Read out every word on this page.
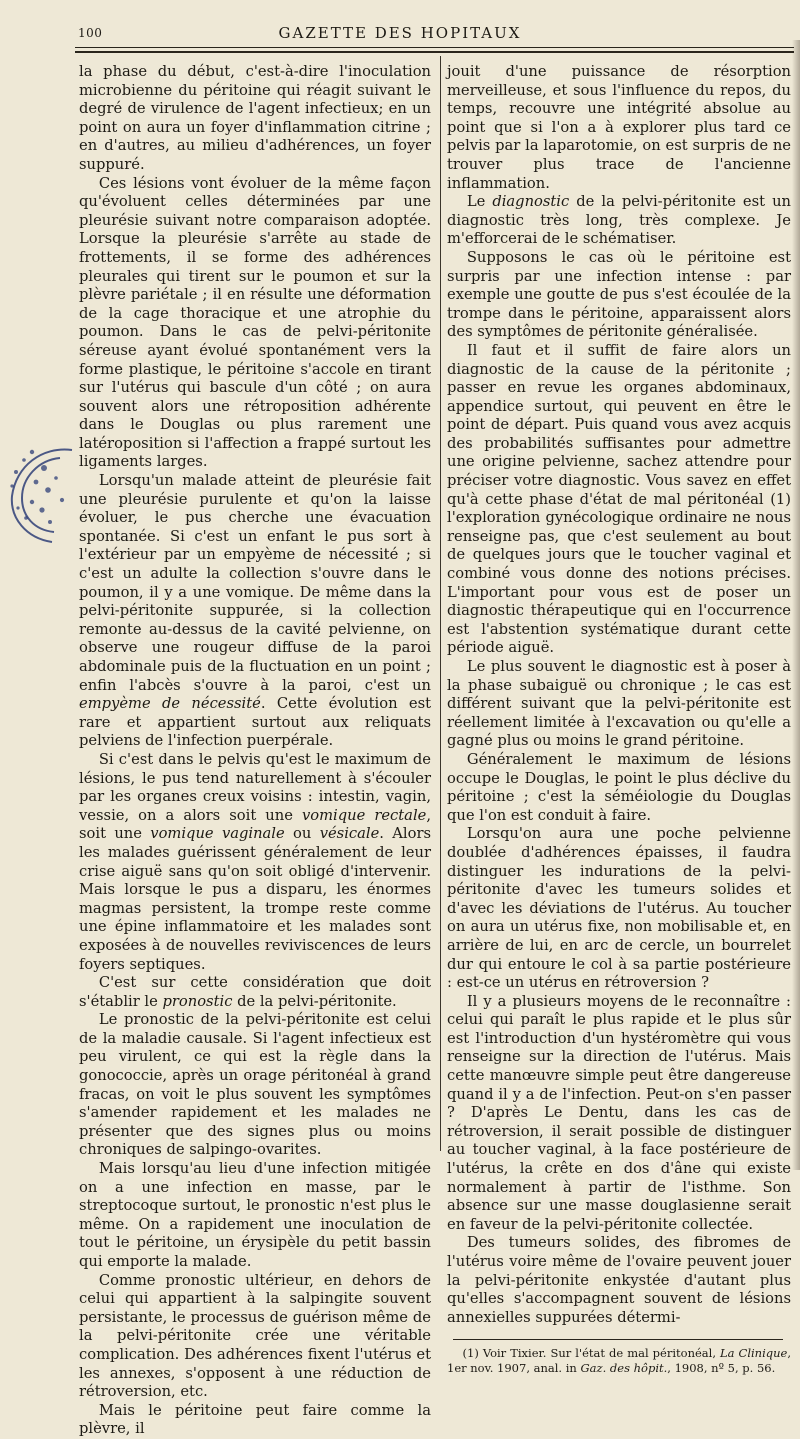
100	GAZETTE DES HOPITAUX

la phase du début, c'est-à-dire l'inoculation microbienne du péritoine qui réagit suivant le degré de virulence de l'agent infectieux; en un point on aura un foyer d'inflammation citrine ; en d'autres, au milieu d'adhérences, un foyer suppuré.

Ces lésions vont évoluer de la même façon qu'évoluent celles déterminées par une pleurésie suivant notre comparaison adoptée. Lorsque la pleurésie s'arrête au stade de frottements, il se forme des adhérences pleurales qui tirent sur le poumon et sur la plèvre pariétale ; il en résulte une déformation de la cage thoracique et une atrophie du poumon. Dans le cas de pelvi-péritonite séreuse ayant évolué spontanément vers la forme plastique, le péritoine s'accole en tirant sur l'utérus qui bascule d'un côté ; on aura souvent alors une rétroposition adhérente dans le Douglas ou plus rarement une latéroposition si l'affection a frappé surtout les ligaments larges.

Lorsqu'un malade atteint de pleurésie fait une pleurésie purulente et qu'on la laisse évoluer, le pus cherche une évacuation spontanée. Si c'est un enfant le pus sort à l'extérieur par un empyème de nécessité ; si c'est un adulte la collection s'ouvre dans le poumon, il y a une vomique. De même dans la pelvi-péritonite suppurée, si la collection remonte au-dessus de la cavité pelvienne, on observe une rougeur diffuse de la paroi abdominale puis de la fluctuation en un point ; enfin l'abcès s'ouvre à la paroi, c'est un empyème de nécessité. Cette évolution est rare et appartient surtout aux reliquats pelviens de l'infection puerpérale.

Si c'est dans le pelvis qu'est le maximum de lésions, le pus tend naturellement à s'écouler par les organes creux voisins : intestin, vagin, vessie, on a alors soit une vomique rectale, soit une vomique vaginale ou vésicale. Alors les malades guérissent généralement de leur crise aiguë sans qu'on soit obligé d'intervenir. Mais lorsque le pus a disparu, les énormes magmas persistent, la trompe reste comme une épine inflammatoire et les malades sont exposées à de nouvelles reviviscences de leurs foyers septiques.

C'est sur cette considération que doit s'établir le pronostic de la pelvi-péritonite.

Le pronostic de la pelvi-péritonite est celui de la maladie causale. Si l'agent infectieux est peu virulent, ce qui est la règle dans la gonococcie, après un orage péritonéal à grand fracas, on voit le plus souvent les symptômes s'amender rapidement et les malades ne présenter que des signes plus ou moins chroniques de salpingo-ovarites.

Mais lorsqu'au lieu d'une infection mitigée on a une infection en masse, par le streptocoque surtout, le pronostic n'est plus le même. On a rapidement une inoculation de tout le péritoine, un érysipèle du petit bassin qui emporte la malade.

Comme pronostic ultérieur, en dehors de celui qui appartient à la salpingite souvent persistante, le processus de guérison même de la pelvi-péritonite crée une véritable complication. Des adhérences fixent l'utérus et les annexes, s'opposent à une réduction de rétroversion, etc.

Mais le péritoine peut faire comme la plèvre, il

jouit d'une puissance de résorption merveilleuse, et sous l'influence du repos, du temps, recouvre une intégrité absolue au point que si l'on a à explorer plus tard ce pelvis par la laparotomie, on est surpris de ne trouver plus trace de l'ancienne inflammation.

Le diagnostic de la pelvi-péritonite est un diagnostic très long, très complexe. Je m'efforcerai de le schématiser.

Supposons le cas où le péritoine est surpris par une infection intense : par exemple une goutte de pus s'est écoulée de la trompe dans le péritoine, apparaissent alors des symptômes de péritonite généralisée.

Il faut et il suffit de faire alors un diagnostic de la cause de la péritonite ; passer en revue les organes abdominaux, appendice surtout, qui peuvent en être le point de départ. Puis quand vous avez acquis des probabilités suffisantes pour admettre une origine pelvienne, sachez attendre pour préciser votre diagnostic. Vous savez en effet qu'à cette phase d'état de mal péritonéal (1) l'exploration gynécologique ordinaire ne nous renseigne pas, que c'est seulement au bout de quelques jours que le toucher vaginal et combiné vous donne des notions précises. L'important pour vous est de poser un diagnostic thérapeutique qui en l'occurrence est l'abstention systématique durant cette période aiguë.

Le plus souvent le diagnostic est à poser à la phase subaiguë ou chronique ; le cas est différent suivant que la pelvi-péritonite est réellement limitée à l'excavation ou qu'elle a gagné plus ou moins le grand péritoine.

Généralement le maximum de lésions occupe le Douglas, le point le plus déclive du péritoine ; c'est la séméiologie du Douglas que l'on est conduit à faire.

Lorsqu'on aura une poche pelvienne doublée d'adhérences épaisses, il faudra distinguer les indurations de la pelvi-péritonite d'avec les tumeurs solides et d'avec les déviations de l'utérus. Au toucher on aura un utérus fixe, non mobilisable et, en arrière de lui, en arc de cercle, un bourrelet dur qui entoure le col à sa partie postérieure : est-ce un utérus en rétroversion ?

Il y a plusieurs moyens de le reconnaître : celui qui paraît le plus rapide et le plus sûr est l'introduction d'un hystéromètre qui vous renseigne sur la direction de l'utérus. Mais cette manœuvre simple peut être dangereuse quand il y a de l'infection. Peut-on s'en passer ? D'après Le Dentu, dans les cas de rétroversion, il serait possible de distinguer au toucher vaginal, à la face postérieure de l'utérus, la crête en dos d'âne qui existe normalement à partir de l'isthme. Son absence sur une masse douglasienne serait en faveur de la pelvi-péritonite collectée.

Des tumeurs solides, des fibromes de l'utérus voire même de l'ovaire peuvent jouer la pelvi-péritonite enkystée d'autant plus qu'elles s'accompagnent souvent de lésions annexielles suppurées détermi-

(1) Voir Tixier. Sur l'état de mal péritonéal, La Clinique, 1er nov. 1907, anal. in Gaz. des hôpit., 1908, nº 5, p. 56.
